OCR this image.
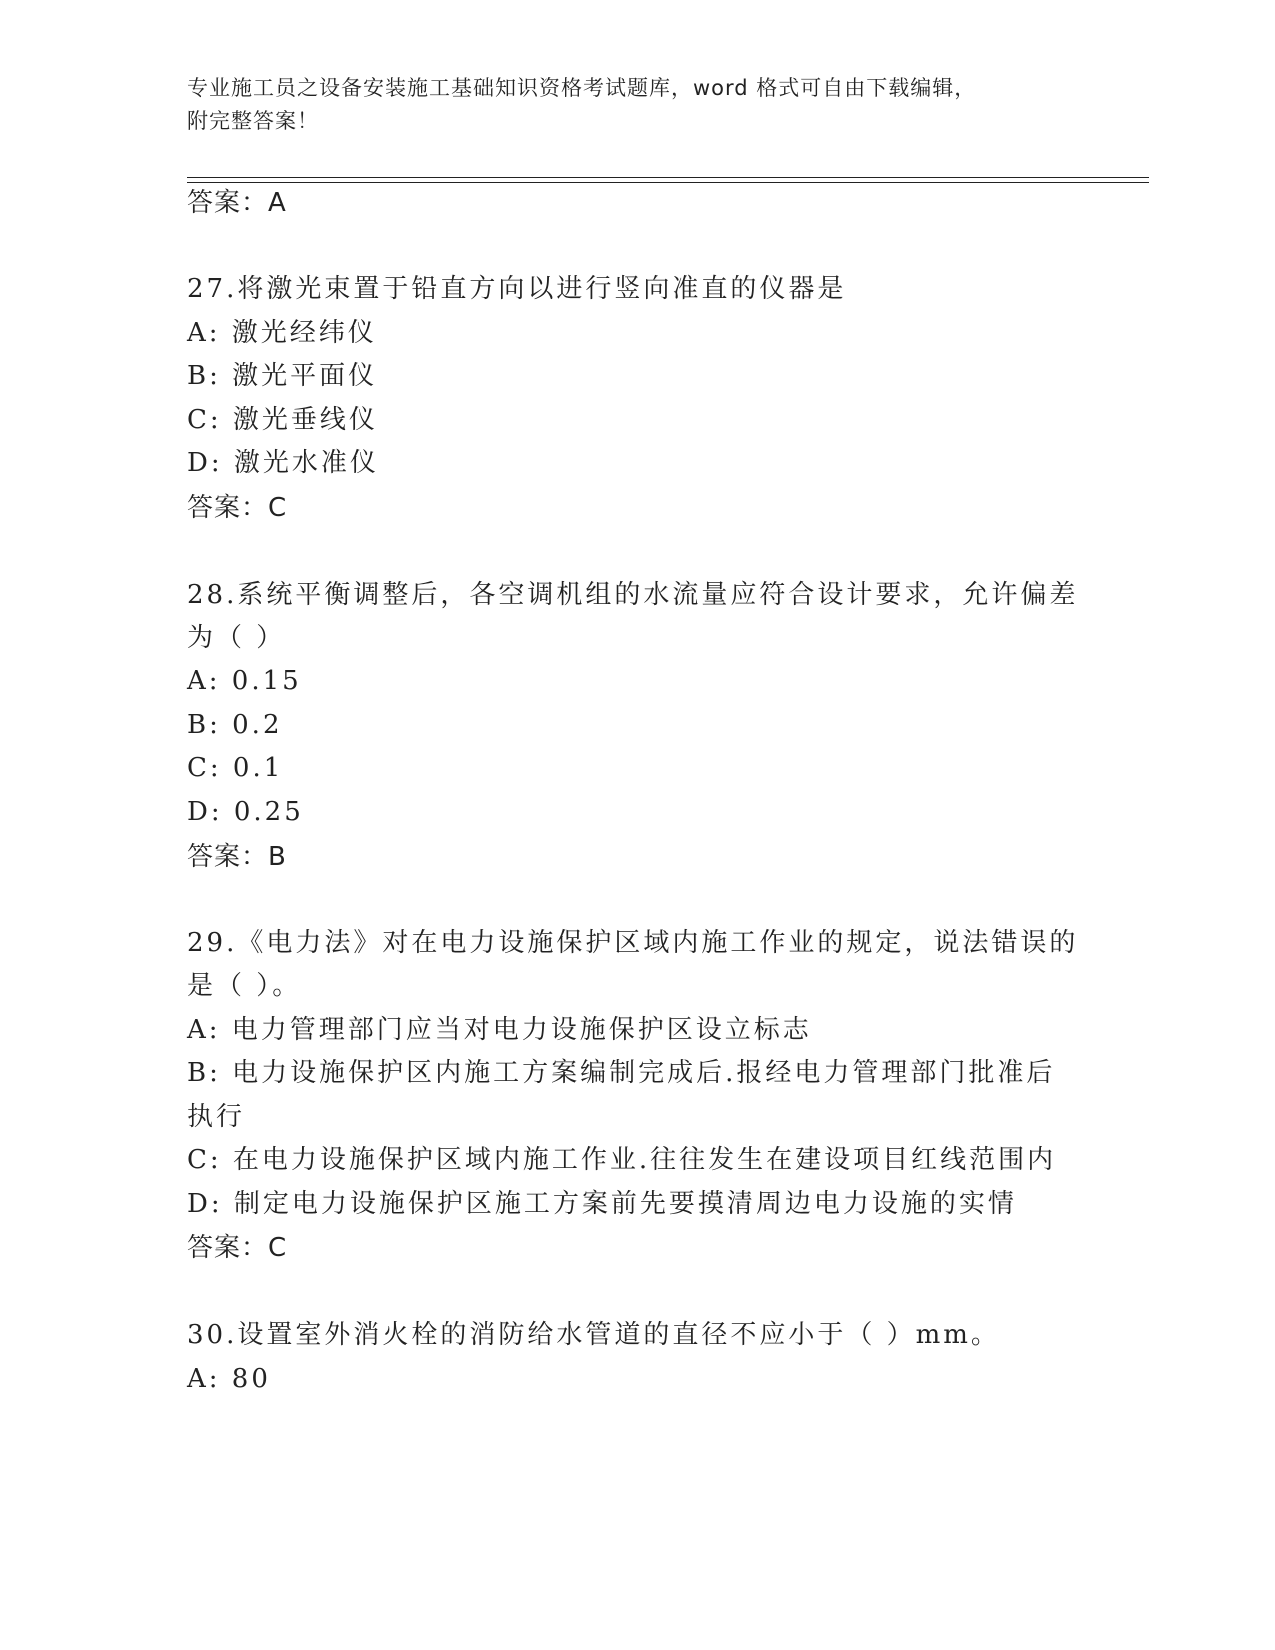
专业施工员之设备安装施工基础知识资格考试题库，word 格式可自由下载编辑，
附完整答案！
答案：A
27.将激光束置于铅直方向以进行竖向准直的仪器是
A: 激光经纬仪
B: 激光平面仪
C: 激光垂线仪
D: 激光水准仪
答案：C
28.系统平衡调整后，各空调机组的水流量应符合设计要求，允许偏差
为（ ）
A: 0.15
B: 0.2
C: 0.1
D: 0.25
答案：B
29.《电力法》对在电力设施保护区域内施工作业的规定，说法错误的
是（ ）。
A: 电力管理部门应当对电力设施保护区设立标志
B: 电力设施保护区内施工方案编制完成后.报经电力管理部门批准后
执行
C: 在电力设施保护区域内施工作业.往往发生在建设项目红线范围内
D: 制定电力设施保护区施工方案前先要摸清周边电力设施的实情
答案：C
30.设置室外消火栓的消防给水管道的直径不应小于（ ）mm。
A: 80
